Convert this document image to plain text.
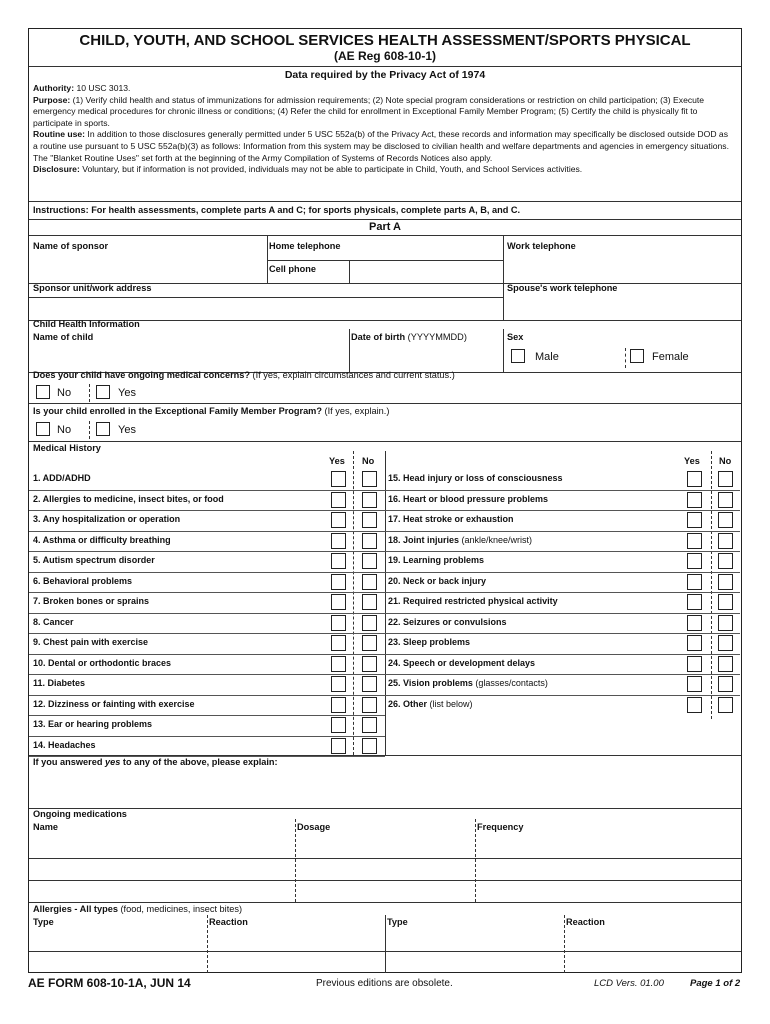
CHILD, YOUTH, AND SCHOOL SERVICES HEALTH ASSESSMENT/SPORTS PHYSICAL
(AE Reg 608-10-1)
Data required by the Privacy Act of 1974
Authority: 10 USC 3013.
Purpose: (1) Verify child health and status of immunizations for admission requirements; (2) Note special program considerations or restriction on child participation; (3) Execute emergency medical procedures for chronic illness or conditions; (4) Refer the child for enrollment in Exceptional Family Member Program; (5) Certify the child is physically fit to participate in sports.
Routine use: In addition to those disclosures generally permitted under 5 USC 552a(b) of the Privacy Act, these records and information may specifically be disclosed outside DOD as a routine use pursuant to 5 USC 552a(b)(3) as follows: Information from this system may be disclosed to civilian health and welfare departments and agencies in emergency situations. The "Blanket Routine Uses" set forth at the beginning of the Army Compilation of Systems of Records Notices also apply.
Disclosure: Voluntary, but if information is not provided, individuals may not be able to participate in Child, Youth, and School Services activities.
Instructions: For health assessments, complete parts A and C; for sports physicals, complete parts A, B, and C.
Part A
Name of sponsor	Home telephone	Work telephone
Cell phone
Sponsor unit/work address	Spouse's work telephone
Child Health Information
Name of child	Date of birth (YYYYMMDD)	Sex
Male	Female
Does your child have ongoing medical concerns? (If yes, explain circumstances and current status.)
No	Yes
Is your child enrolled in the Exceptional Family Member Program? (If yes, explain.)
No	Yes
Medical History
Yes No	Yes No
1. ADD/ADHD
2. Allergies to medicine, insect bites, or food
3. Any hospitalization or operation
4. Asthma or difficulty breathing
5. Autism spectrum disorder
6. Behavioral problems
7. Broken bones or sprains
8. Cancer
9. Chest pain with exercise
10. Dental or orthodontic braces
11. Diabetes
12. Dizziness or fainting with exercise
13. Ear or hearing problems
14. Headaches
15. Head injury or loss of consciousness
16. Heart or blood pressure problems
17. Heat stroke or exhaustion
18. Joint injuries (ankle/knee/wrist)
19. Learning problems
20. Neck or back injury
21. Required restricted physical activity
22. Seizures or convulsions
23. Sleep problems
24. Speech or development delays
25. Vision problems (glasses/contacts)
26. Other (list below)
If you answered yes to any of the above, please explain:
Ongoing medications
Name	Dosage	Frequency
Allergies - All types (food, medicines, insect bites)
Type	Reaction	Type	Reaction
AE FORM 608-10-1A, JUN 14	Previous editions are obsolete.	LCD Vers. 01.00	Page 1 of 2
